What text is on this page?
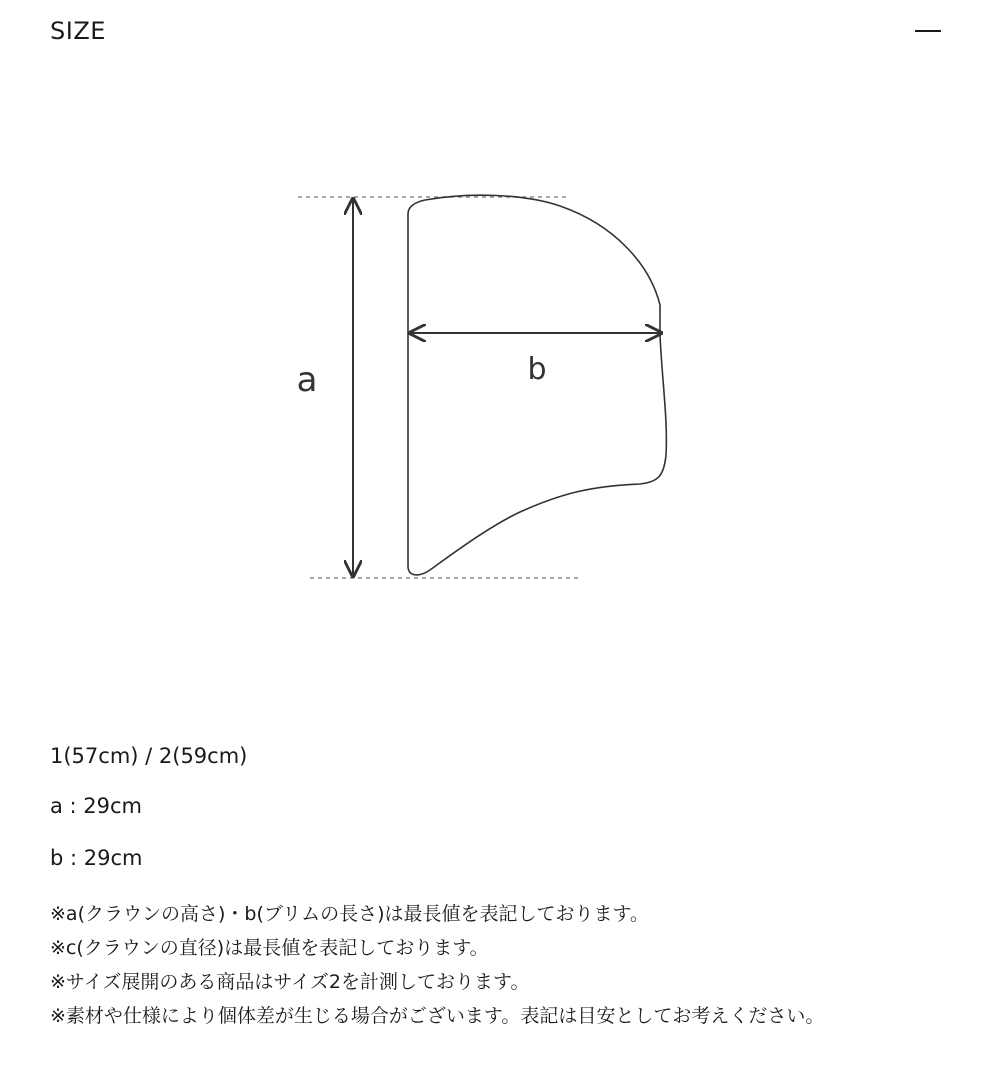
SIZE
a	b

1(57cm) / 2(59cm)

a : 29cm

b : 29cm

※a(クラウンの高さ)・b(ブリムの長さ)は最長値を表記しております。

※c(クラウンの直径)は最長値を表記しております。

※サイズ展開のある商品はサイズ2を計測しております。

※素材や仕様により個体差が生じる場合がございます。表記は目安としてお考えください。
